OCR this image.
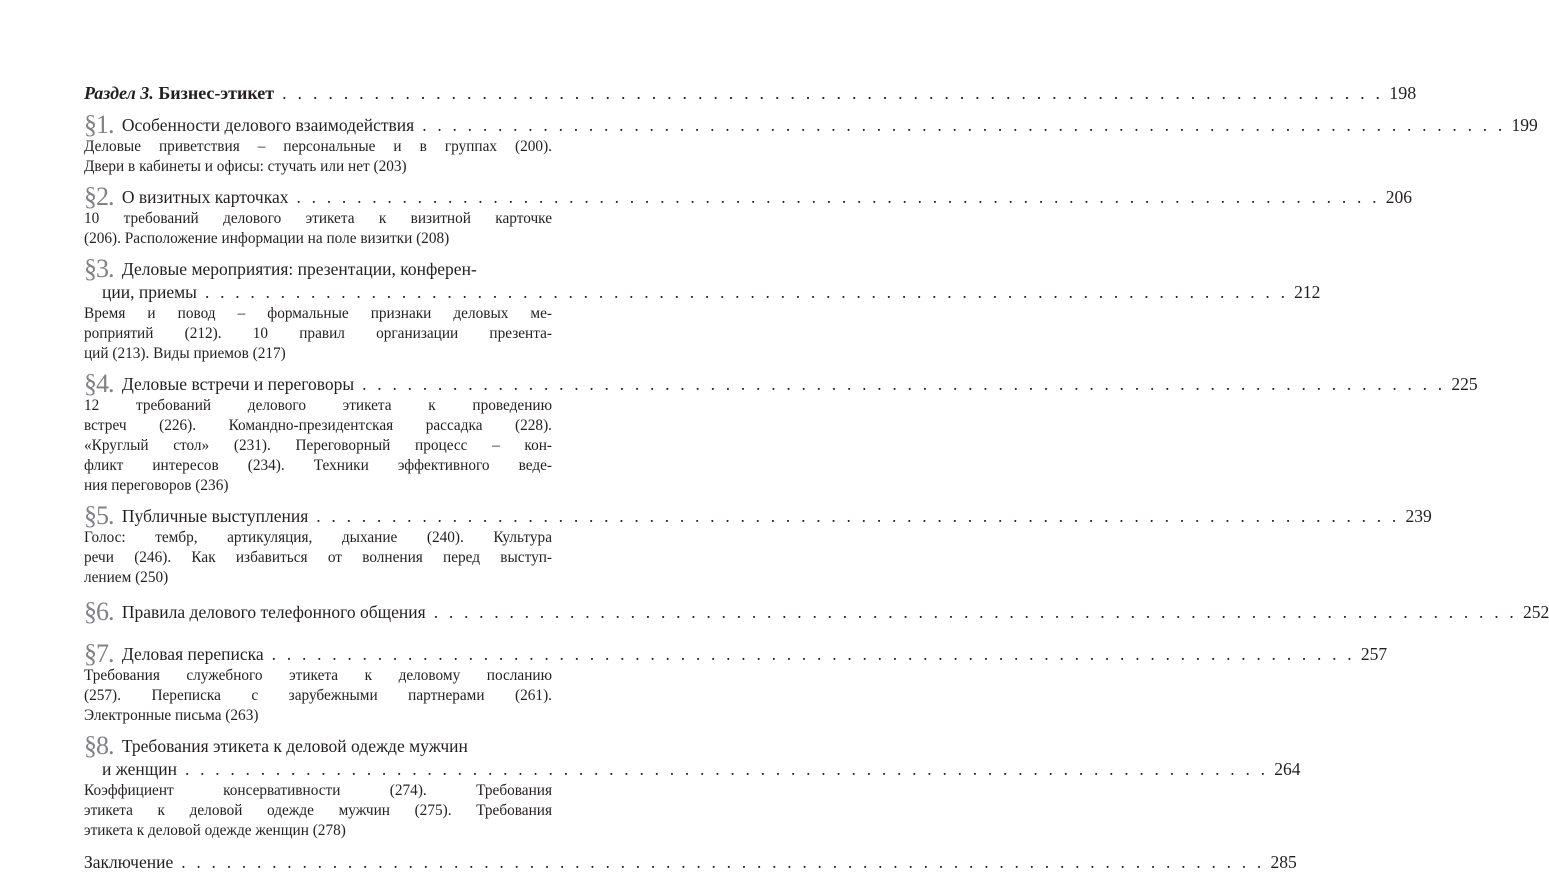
Раздел 3. Бизнес-этикет . . . . . . . . . . . . . . . . . . . . . . . . . . . . . . . . . . . . . . . . . . . . . . . . . . . . . . . . . . . . . . . . . . . . . . . . 198
§1. Особенности делового взаимодействия . . . . . . . . . . . . . . . . . . . . . . . . . . . . . . . . . . . . . . . . . . . . . . . . . . . . . . . . . . . . . . . . . . . . . . . . 199
Деловые приветствия – персональные и в группах (200).
Двери в кабинеты и офисы: стучать или нет (203)
§2. О визитных карточках . . . . . . . . . . . . . . . . . . . . . . . . . . . . . . . . . . . . . . . . . . . . . . . . . . . . . . . . . . . . . . . . . . . . . . . . 206
10 требований делового этикета к визитной карточке
(206). Расположение информации на поле визитки (208)
§3. Деловые мероприятия: презентации, конферен-
ции, приемы . . . . . . . . . . . . . . . . . . . . . . . . . . . . . . . . . . . . . . . . . . . . . . . . . . . . . . . . . . . . . . . . . . . . . . . . 212
Время и повод – формальные признаки деловых ме-
роприятий (212). 10 правил организации презента-
ций (213). Виды приемов (217)
§4. Деловые встречи и переговоры . . . . . . . . . . . . . . . . . . . . . . . . . . . . . . . . . . . . . . . . . . . . . . . . . . . . . . . . . . . . . . . . . . . . . . . . 225
12 требований делового этикета к проведению
встреч (226). Командно-президентская рассадка (228).
«Круглый стол» (231). Переговорный процесс – кон-
фликт интересов (234). Техники эффективного веде-
ния переговоров (236)
§5. Публичные выступления . . . . . . . . . . . . . . . . . . . . . . . . . . . . . . . . . . . . . . . . . . . . . . . . . . . . . . . . . . . . . . . . . . . . . . . . 239
Голос: тембр, артикуляция, дыхание (240). Культура
речи (246). Как избавиться от волнения перед выступ-
лением (250)
§6. Правила делового телефонного общения . . . . . . . . . . . . . . . . . . . . . . . . . . . . . . . . . . . . . . . . . . . . . . . . . . . . . . . . . . . . . . . . . . . . . . . . 252
§7. Деловая переписка . . . . . . . . . . . . . . . . . . . . . . . . . . . . . . . . . . . . . . . . . . . . . . . . . . . . . . . . . . . . . . . . . . . . . . . . 257
Требования служебного этикета к деловому посланию
(257). Переписка с зарубежными партнерами (261).
Электронные письма (263)
§8. Требования этикета к деловой одежде мужчин
и женщин . . . . . . . . . . . . . . . . . . . . . . . . . . . . . . . . . . . . . . . . . . . . . . . . . . . . . . . . . . . . . . . . . . . . . . . . 264
Коэффициент консервативности (274). Требования
этикета к деловой одежде мужчин (275). Требования
этикета к деловой одежде женщин (278)
Заключение . . . . . . . . . . . . . . . . . . . . . . . . . . . . . . . . . . . . . . . . . . . . . . . . . . . . . . . . . . . . . . . . . . . . . . . . 285
